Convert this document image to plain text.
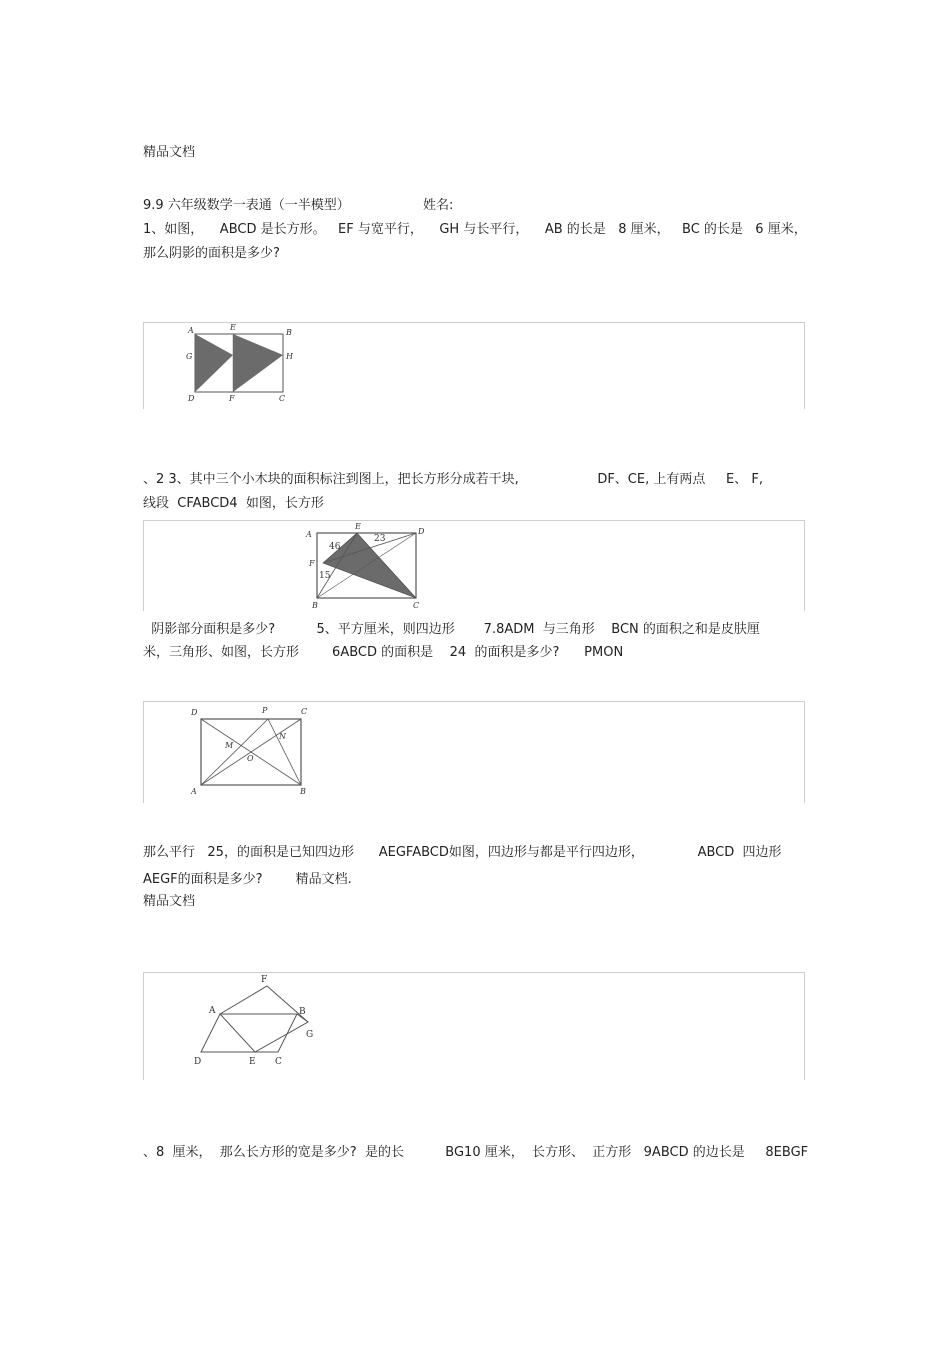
精品文档
9.9 六年级数学一表通（一半模型）	姓名:
1、如图，    ABCD 是长方形。   EF 与宽平行，    GH 与长平行，    AB 的长是   8 厘米，   BC 的长是   6 厘米，
那么阴影的面积是多少?
A	E
B
G	H
D	F	C
、2 3、其中三个小木块的面积标注到图上，把长方形分成若干块,                   DF、CE, 上有两点     E、 F,
线段  CFABCD4  如图，长方形
A
E
D
F
B	C
46
23
15
阴影部分面积是多少?          5、平方厘米，则四边形       7.8ADM  与三角形    BCN 的面积之和是皮肤厘
米，三角形、如图，长方形        6ABCD 的面积是    24  的面积是多少?      PMON
D	P	C
M
N
O
A	B
那么平行   25，的面积是已知四边形      AEGFABCD如图，四边形与都是平行四边形，             ABCD  四边形
AEGF的面积是多少?        精品文档.
精品文档
F
A	B
G
D	E C
、8  厘米，  那么长方形的宽是多少?  是的长          BG10 厘米，  长方形、  正方形   9ABCD 的边长是     8EBGF
